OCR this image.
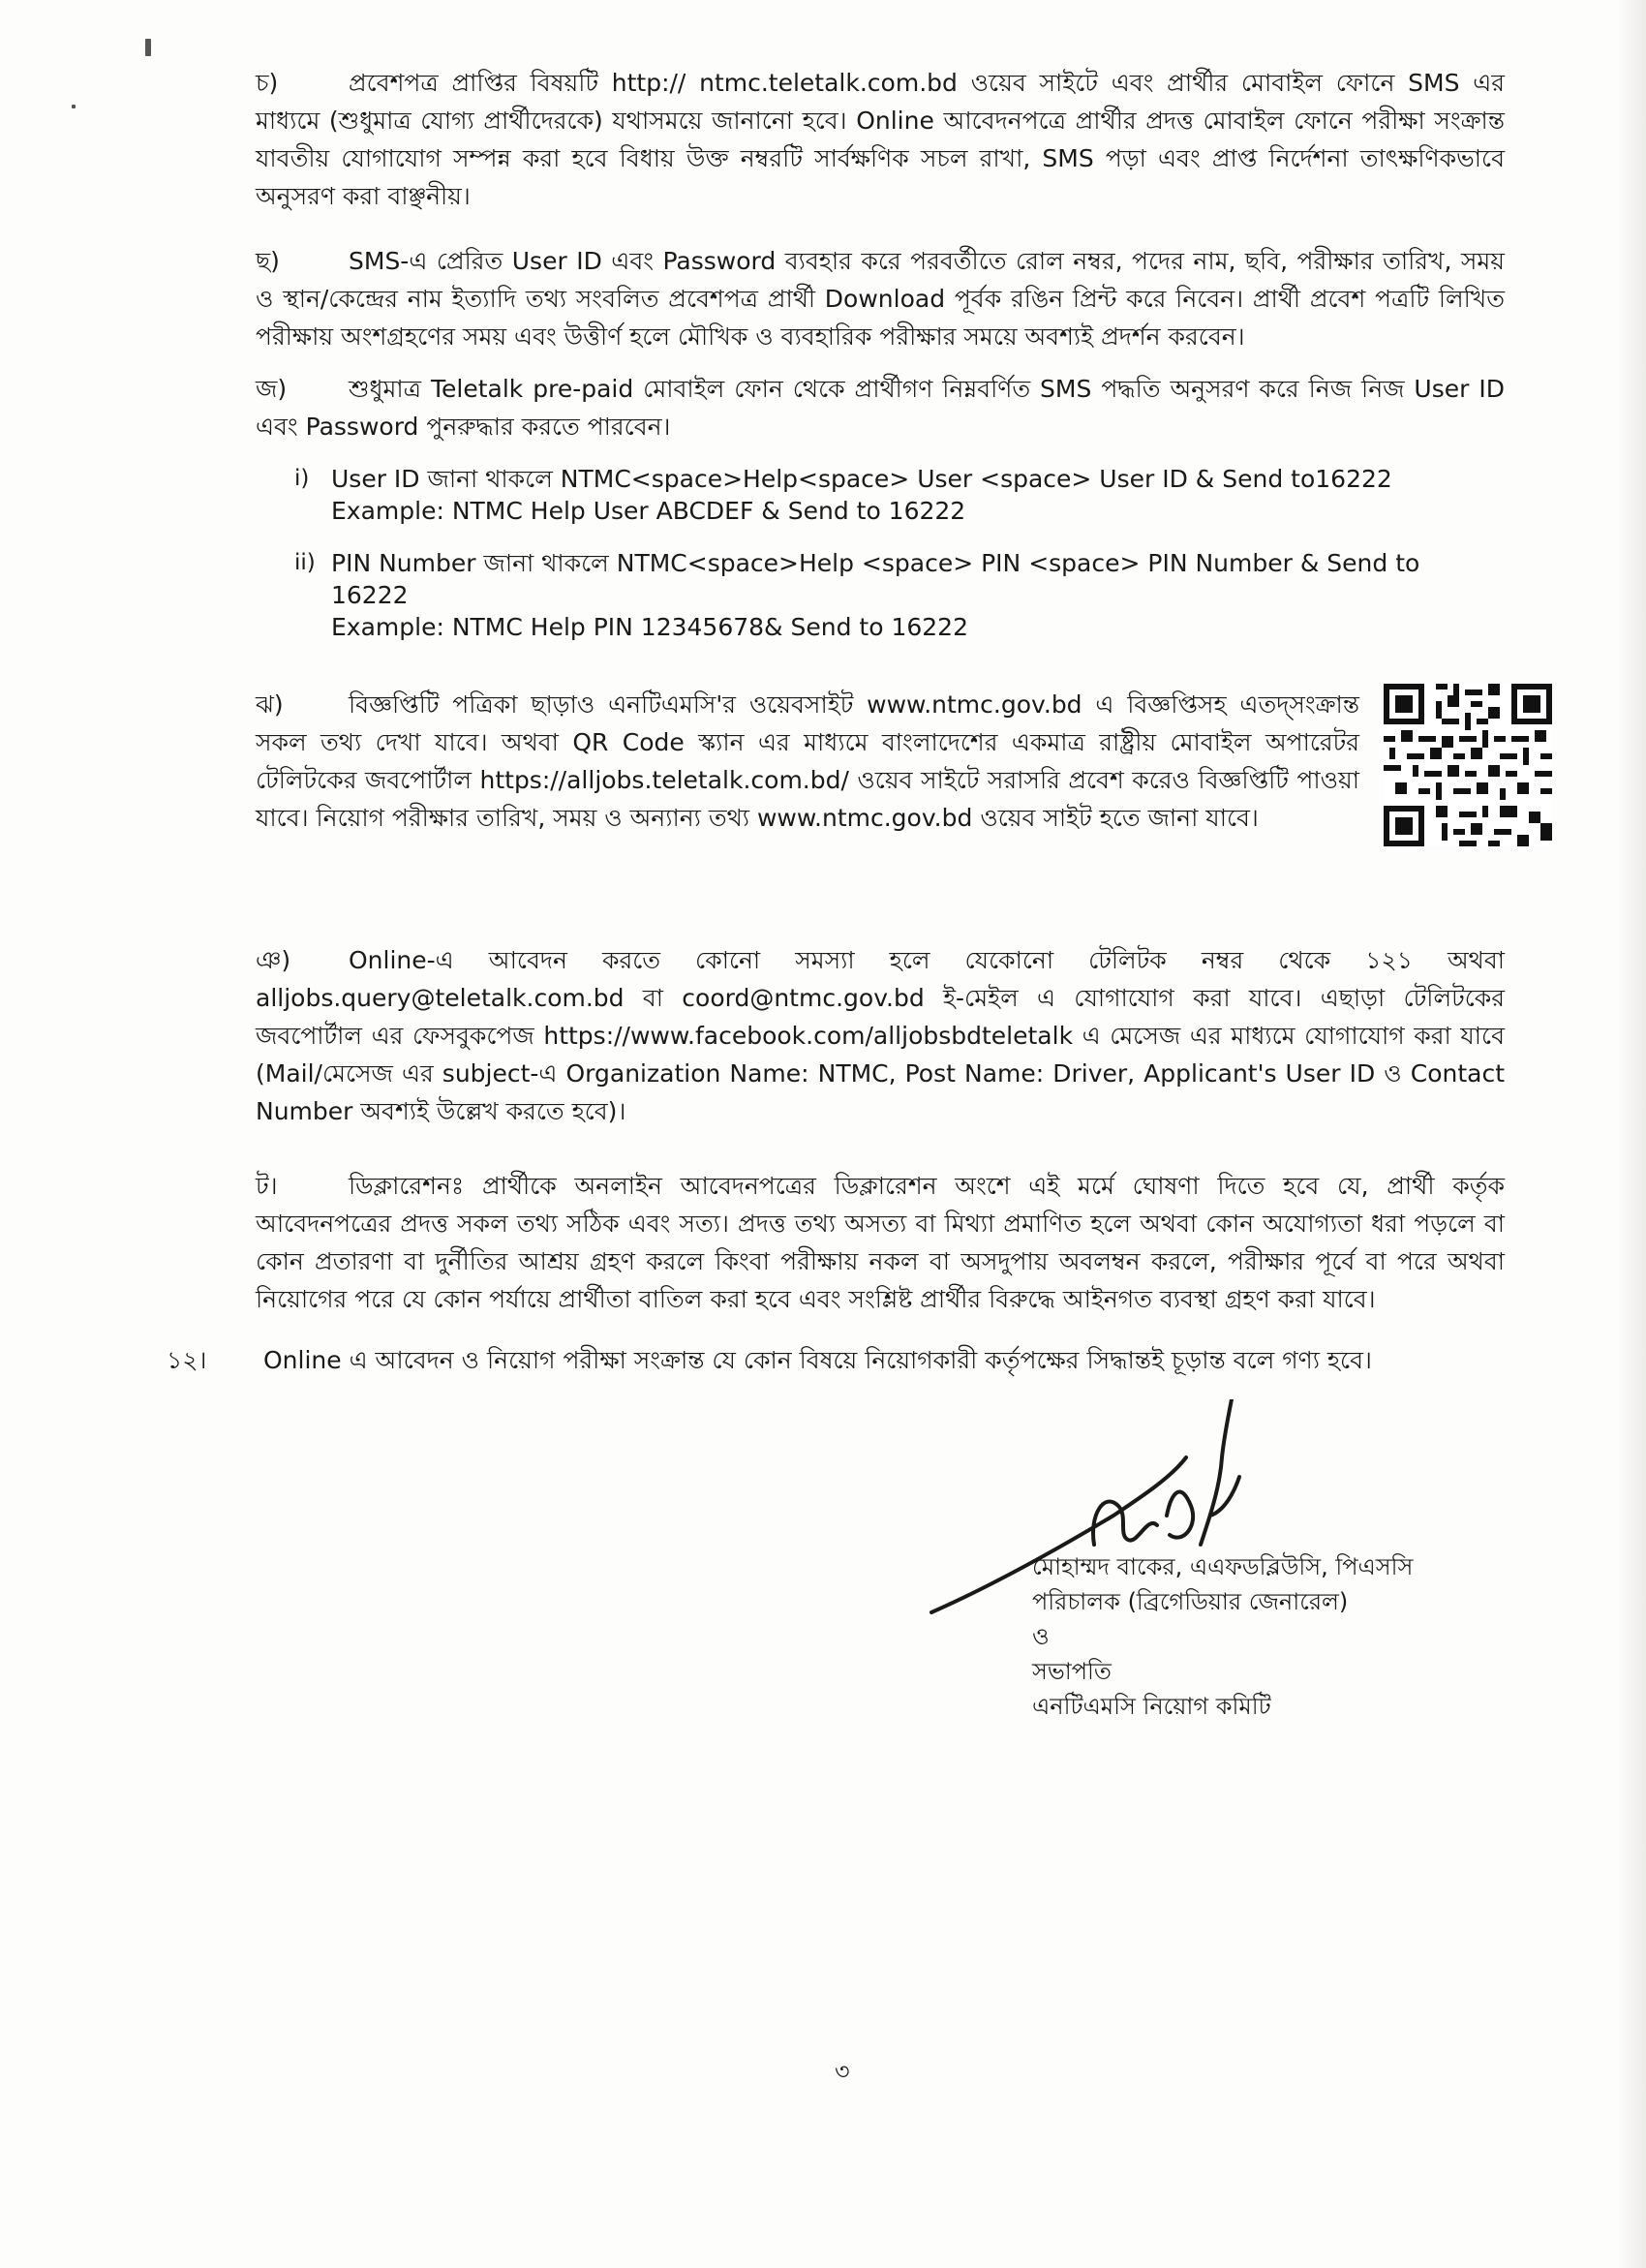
চ)	প্রবেশপত্র প্রাপ্তির বিষয়টি http:// ntmc.teletalk.com.bd ওয়েব সাইটে এবং প্রার্থীর মোবাইল ফোনে SMS এর মাধ্যমে (শুধুমাত্র যোগ্য প্রার্থীদেরকে) যথাসময়ে জানানো হবে। Online আবেদনপত্রে প্রার্থীর প্রদত্ত মোবাইল ফোনে পরীক্ষা সংক্রান্ত যাবতীয় যোগাযোগ সম্পন্ন করা হবে বিধায় উক্ত নম্বরটি সার্বক্ষণিক সচল রাখা, SMS পড়া এবং প্রাপ্ত নির্দেশনা তাৎক্ষণিকভাবে অনুসরণ করা বাঞ্ছনীয়।
ছ)	SMS-এ প্রেরিত User ID এবং Password ব্যবহার করে পরবর্তীতে রোল নম্বর, পদের নাম, ছবি, পরীক্ষার তারিখ, সময় ও স্থান/কেন্দ্রের নাম ইত্যাদি তথ্য সংবলিত প্রবেশপত্র প্রার্থী Download পূর্বক রঙিন প্রিন্ট করে নিবেন। প্রার্থী প্রবেশ পত্রটি লিখিত পরীক্ষায় অংশগ্রহণের সময় এবং উত্তীর্ণ হলে মৌখিক ও ব্যবহারিক পরীক্ষার সময়ে অবশ্যই প্রদর্শন করবেন।
জ)	শুধুমাত্র Teletalk pre-paid মোবাইল ফোন থেকে প্রার্থীগণ নিম্নবর্ণিত SMS পদ্ধতি অনুসরণ করে নিজ নিজ User ID এবং Password পুনরুদ্ধার করতে পারবেন।
i) User ID জানা থাকলে NTMC<space>Help<space> User <space> User ID & Send to16222
Example: NTMC Help User ABCDEF & Send to 16222
ii) PIN Number জানা থাকলে NTMC<space>Help <space> PIN <space> PIN Number & Send to 16222
Example: NTMC Help PIN 12345678& Send to 16222
ঝ)	বিজ্ঞপ্তিটি পত্রিকা ছাড়াও এনটিএমসি'র ওয়েবসাইট www.ntmc.gov.bd এ বিজ্ঞপ্তিসহ এতদ্‌সংক্রান্ত সকল তথ্য দেখা যাবে। অথবা QR Code স্ক্যান এর মাধ্যমে বাংলাদেশের একমাত্র রাষ্ট্রীয় মোবাইল অপারেটর টেলিটকের জবপোর্টাল https://alljobs.teletalk.com.bd/ ওয়েব সাইটে সরাসরি প্রবেশ করেও বিজ্ঞপ্তিটি পাওয়া যাবে। নিয়োগ পরীক্ষার তারিখ, সময় ও অন্যান্য তথ্য www.ntmc.gov.bd ওয়েব সাইট হতে জানা যাবে।
ঞ) Online-এ আবেদন করতে কোনো সমস্যা হলে যেকোনো টেলিটক নম্বর থেকে ১২১ অথবা alljobs.query@teletalk.com.bd বা coord@ntmc.gov.bd ই-মেইল এ যোগাযোগ করা যাবে। এছাড়া টেলিটকের জবপোর্টাল এর ফেসবুকপেজ https://www.facebook.com/alljobsbdteletalk এ মেসেজ এর মাধ্যমে যোগাযোগ করা যাবে (Mail/মেসেজ এর subject-এ Organization Name: NTMC, Post Name: Driver, Applicant's User ID ও Contact Number অবশ্যই উল্লেখ করতে হবে)।
ট।	ডিক্লারেশনঃ প্রার্থীকে অনলাইন আবেদনপত্রের ডিক্লারেশন অংশে এই মর্মে ঘোষণা দিতে হবে যে, প্রার্থী কর্তৃক আবেদনপত্রের প্রদত্ত সকল তথ্য সঠিক এবং সত্য। প্রদত্ত তথ্য অসত্য বা মিথ্যা প্রমাণিত হলে অথবা কোন অযোগ্যতা ধরা পড়লে বা কোন প্রতারণা বা দুর্নীতির আশ্রয় গ্রহণ করলে কিংবা পরীক্ষায় নকল বা অসদুপায় অবলম্বন করলে, পরীক্ষার পূর্বে বা পরে অথবা নিয়োগের পরে যে কোন পর্যায়ে প্রার্থীতা বাতিল করা হবে এবং সংশ্লিষ্ট প্রার্থীর বিরুদ্ধে আইনগত ব্যবস্থা গ্রহণ করা যাবে।
১২। Online এ আবেদন ও নিয়োগ পরীক্ষা সংক্রান্ত যে কোন বিষয়ে নিয়োগকারী কর্তৃপক্ষের সিদ্ধান্তই চূড়ান্ত বলে গণ্য হবে।
মোহাম্মদ বাকের, এএফডব্লিউসি, পিএসসি
পরিচালক (ব্রিগেডিয়ার জেনারেল)
ও
সভাপতি
এনটিএমসি নিয়োগ কমিটি
৩
